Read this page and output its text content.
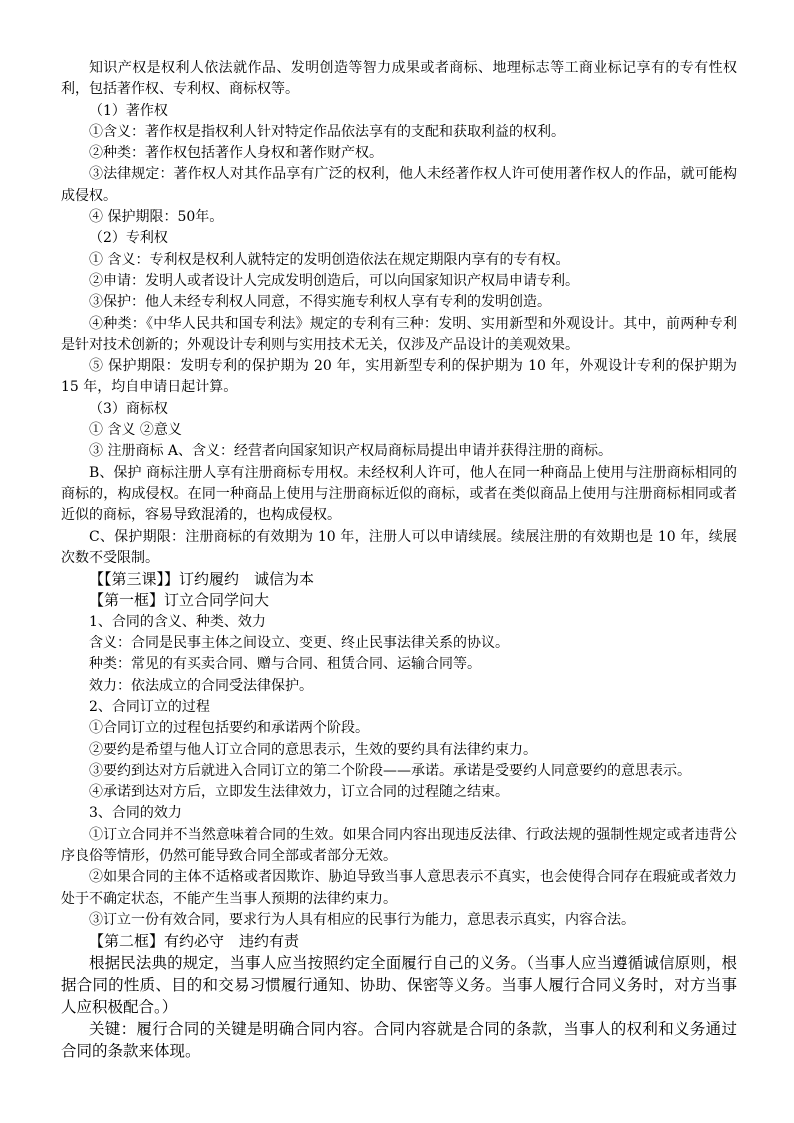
知识产权是权利人依法就作品、发明创造等智力成果或者商标、地理标志等工商业标记享有的专有性权利，包括著作权、专利权、商标权等。

（1）著作权

①含义：著作权是指权利人针对特定作品依法享有的支配和获取利益的权利。

②种类：著作权包括著作人身权和著作财产权。

③法律规定：著作权人对其作品享有广泛的权利，他人未经著作权人许可使用著作权人的作品，就可能构成侵权。

④ 保护期限：50年。

（2）专利权

① 含义：专利权是权利人就特定的发明创造依法在规定期限内享有的专有权。

②申请：发明人或者设计人完成发明创造后，可以向国家知识产权局申请专利。

③保护：他人未经专利权人同意，不得实施专利权人享有专利的发明创造。

④种类：《中华人民共和国专利法》规定的专利有三种：发明、实用新型和外观设计。其中，前两种专利是针对技术创新的；外观设计专利则与实用技术无关，仅涉及产品设计的美观效果。

⑤ 保护期限：发明专利的保护期为 20 年，实用新型专利的保护期为 10 年，外观设计专利的保护期为 15 年，均自申请日起计算。

（3）商标权

① 含义 ②意义

③ 注册商标 A、含义：经营者向国家知识产权局商标局提出申请并获得注册的商标。

B、保护 商标注册人享有注册商标专用权。未经权利人许可，他人在同一种商品上使用与注册商标相同的商标的，构成侵权。在同一种商品上使用与注册商标近似的商标，或者在类似商品上使用与注册商标相同或者近似的商标，容易导致混淆的，也构成侵权。

C、保护期限：注册商标的有效期为 10 年，注册人可以申请续展。续展注册的有效期也是 10 年，续展次数不受限制。

【【第三课】】订约履约　诚信为本

【第一框】订立合同学问大

1、合同的含义、种类、效力

含义：合同是民事主体之间设立、变更、终止民事法律关系的协议。

种类：常见的有买卖合同、赠与合同、租赁合同、运输合同等。

效力：依法成立的合同受法律保护。

2、合同订立的过程

①合同订立的过程包括要约和承诺两个阶段。

②要约是希望与他人订立合同的意思表示，生效的要约具有法律约束力。

③要约到达对方后就进入合同订立的第二个阶段——承诺。承诺是受要约人同意要约的意思表示。

④承诺到达对方后，立即发生法律效力，订立合同的过程随之结束。

3、合同的效力

①订立合同并不当然意味着合同的生效。如果合同内容出现违反法律、行政法规的强制性规定或者违背公序良俗等情形，仍然可能导致合同全部或者部分无效。

②如果合同的主体不适格或者因欺诈、胁迫导致当事人意思表示不真实，也会使得合同存在瑕疵或者效力处于不确定状态，不能产生当事人预期的法律约束力。

③订立一份有效合同，要求行为人具有相应的民事行为能力，意思表示真实，内容合法。

【第二框】有约必守　违约有责

根据民法典的规定，当事人应当按照约定全面履行自己的义务。（当事人应当遵循诚信原则，根据合同的性质、目的和交易习惯履行通知、协助、保密等义务。当事人履行合同义务时，对方当事人应积极配合。）

关键：履行合同的关键是明确合同内容。合同内容就是合同的条款，当事人的权利和义务通过合同的条款来体现。
